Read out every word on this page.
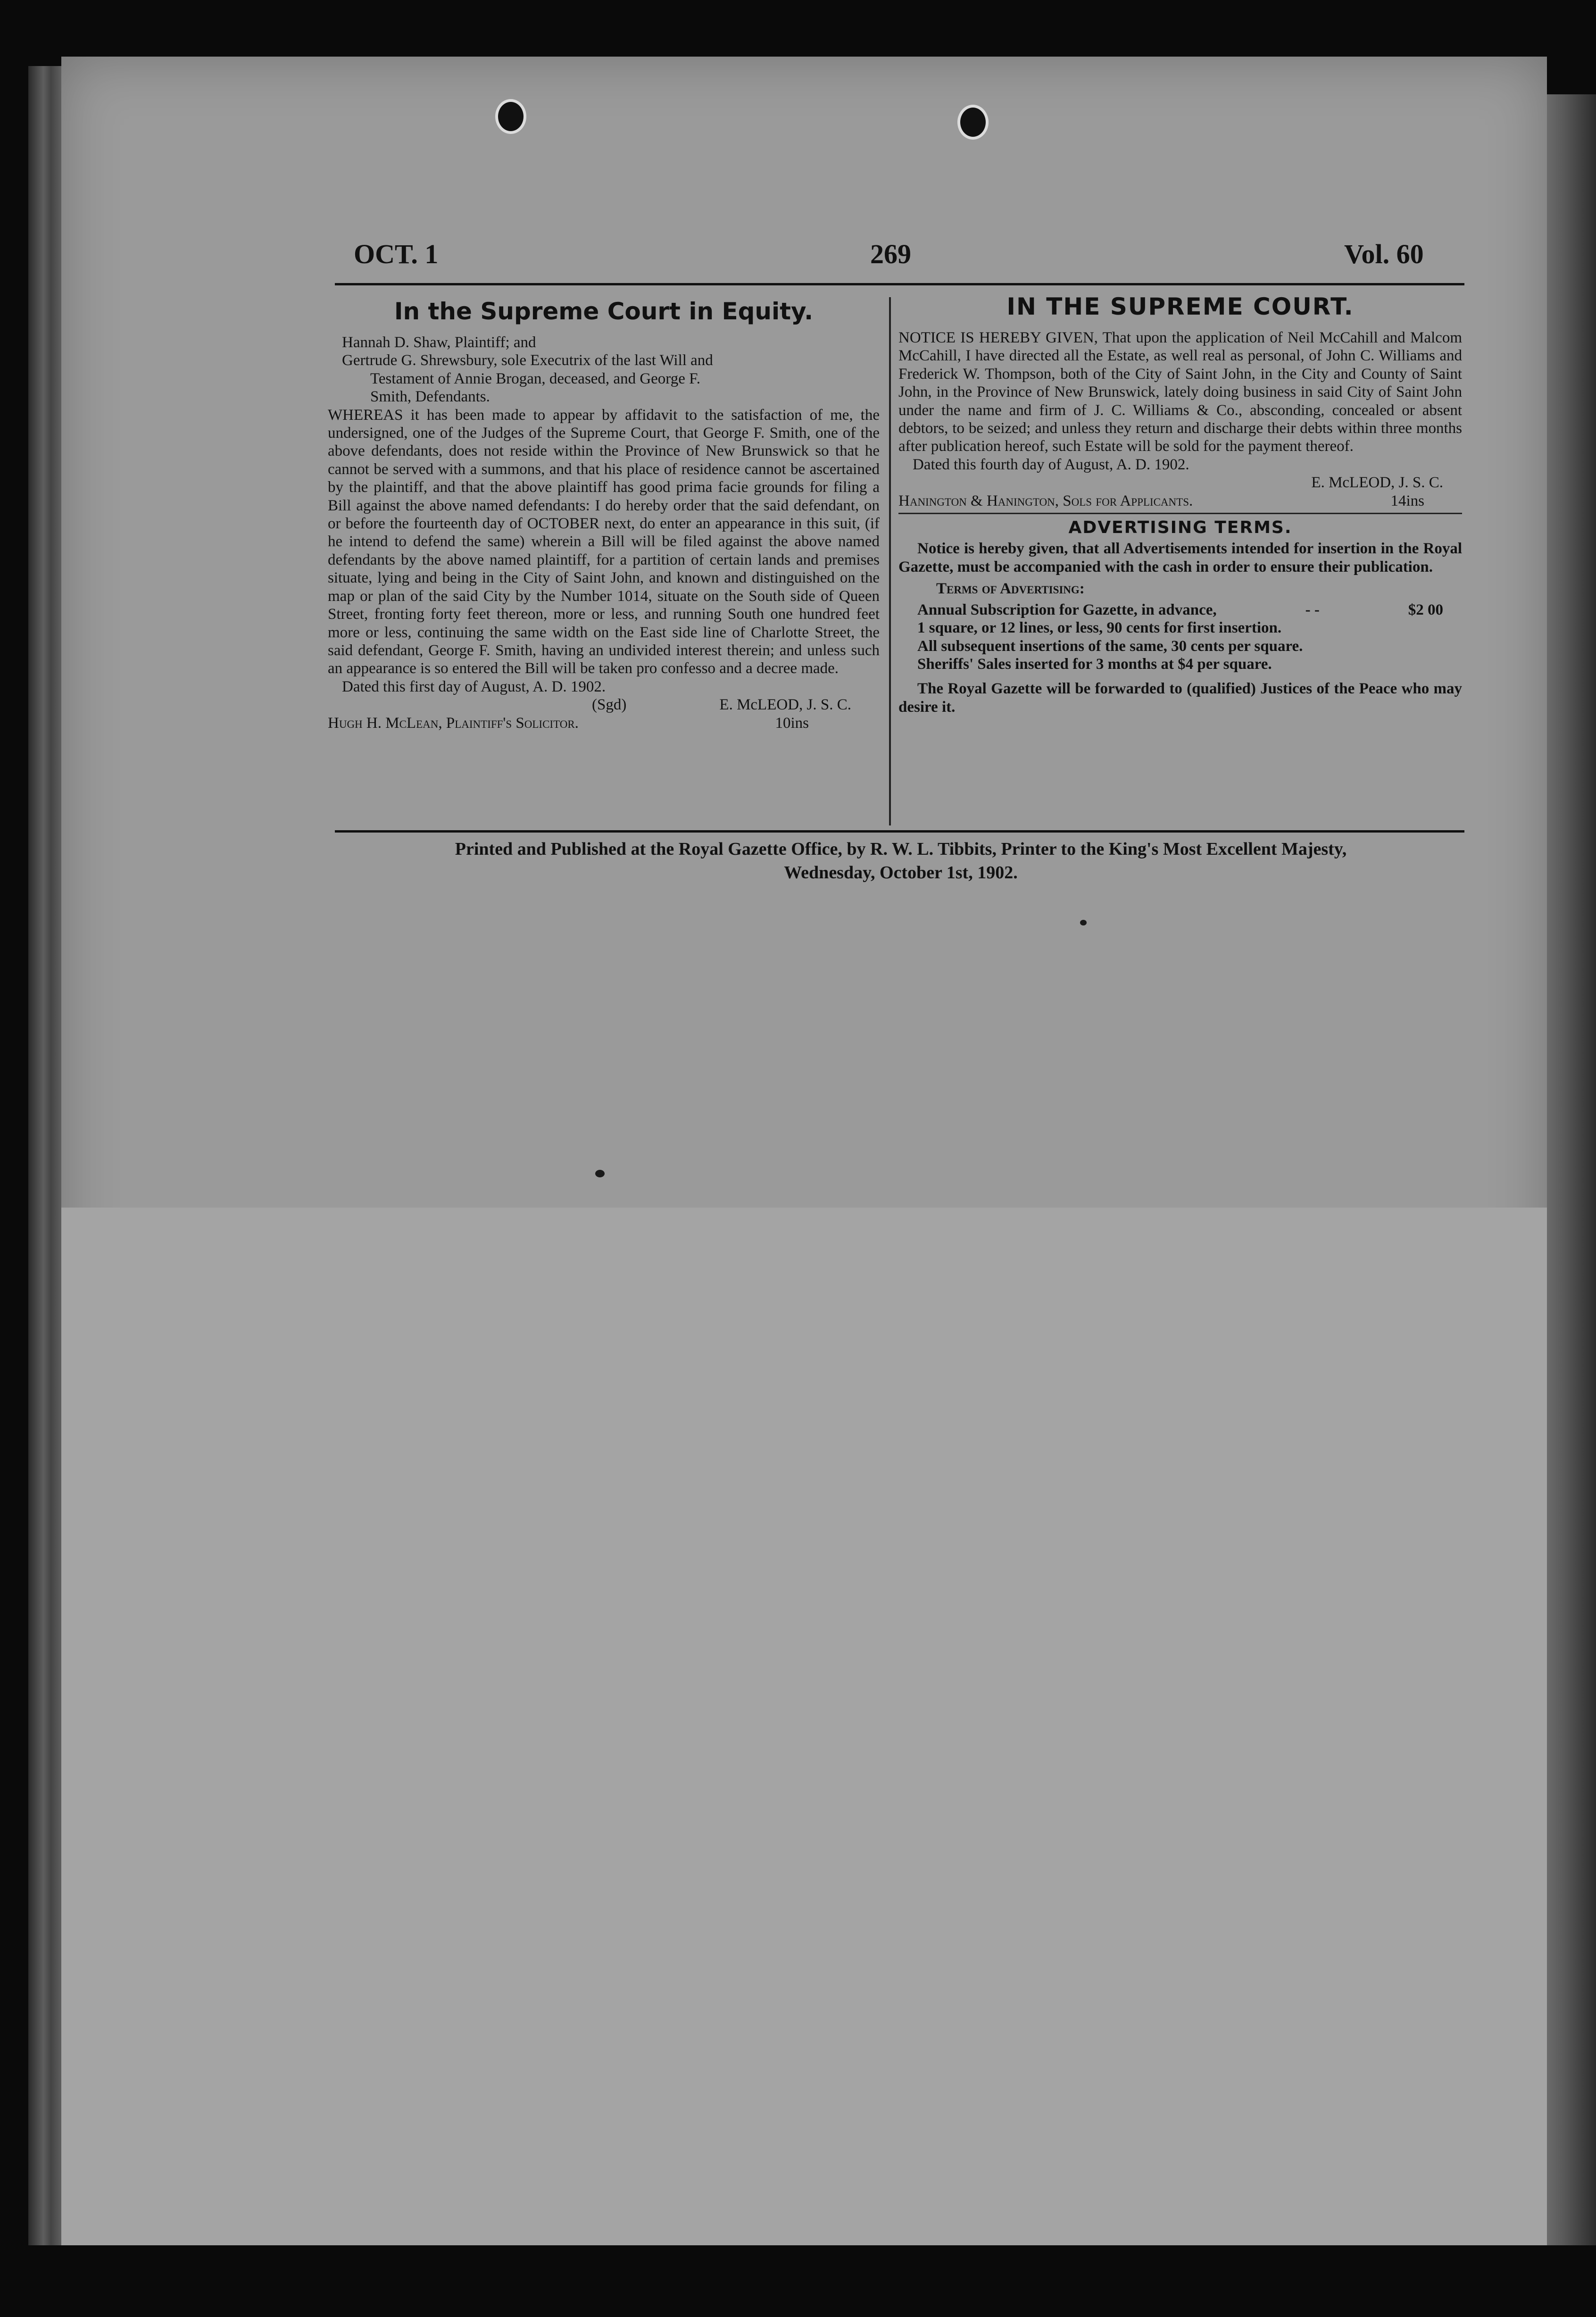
OCT. 1	269	Vol. 60
In the Supreme Court in Equity.

Hannah D. Shaw, Plaintiff; and

Gertrude G. Shrewsbury, sole Executrix of the last Will and

Testament of Annie Brogan, deceased, and George F.

Smith, Defendants.

WHEREAS it has been made to appear by affidavit to the satisfaction of me, the undersigned, one of the Judges of the Supreme Court, that George F. Smith, one of the above defendants, does not reside within the Province of New Brunswick so that he cannot be served with a summons, and that his place of residence cannot be ascertained by the plaintiff, and that the above plaintiff has good prima facie grounds for filing a Bill against the above named defendants: I do hereby order that the said defendant, on or before the fourteenth day of OCTOBER next, do enter an appearance in this suit, (if he intend to defend the same) wherein a Bill will be filed against the above named defendants by the above named plaintiff, for a partition of certain lands and premises situate, lying and being in the City of Saint John, and known and distinguished on the map or plan of the said City by the Number 1014, situate on the South side of Queen Street, fronting forty feet thereon, more or less, and running South one hundred feet more or less, continuing the same width on the East side line of Charlotte Street, the said defendant, George F. Smith, having an undivided interest therein; and unless such an appearance is so entered the Bill will be taken pro confesso and a decree made.

Dated this first day of August, A. D. 1902.

(Sgd)	E. McLEOD, J. S. C.
Hugh H. McLean, Plaintiff's Solicitor.	10ins
IN THE SUPREME COURT.

NOTICE IS HEREBY GIVEN, That upon the application of Neil McCahill and Malcom McCahill, I have directed all the Estate, as well real as personal, of John C. Williams and Frederick W. Thompson, both of the City of Saint John, in the City and County of Saint John, in the Province of New Brunswick, lately doing business in said City of Saint John under the name and firm of J. C. Williams & Co., absconding, concealed or absent debtors, to be seized; and unless they return and discharge their debts within three months after publication hereof, such Estate will be sold for the payment thereof.

Dated this fourth day of August, A. D. 1902.

E. McLEOD, J. S. C.

Hanington & Hanington, Sols for Applicants.	14ins
ADVERTISING TERMS.

Notice is hereby given, that all Advertisements intended for insertion in the Royal Gazette, must be accompanied with the cash in order to ensure their publication.

Terms of Advertising:

Annual Subscription for Gazette, in advance,	- -	$2 00

1 square, or 12 lines, or less, 90 cents for first insertion.

All subsequent insertions of the same, 30 cents per square.

Sheriffs' Sales inserted for 3 months at $4 per square.

The Royal Gazette will be forwarded to (qualified) Justices of the Peace who may desire it.

Printed and Published at the Royal Gazette Office, by R. W. L. Tibbits, Printer to the King's Most Excellent Majesty,
Wednesday, October 1st, 1902.
